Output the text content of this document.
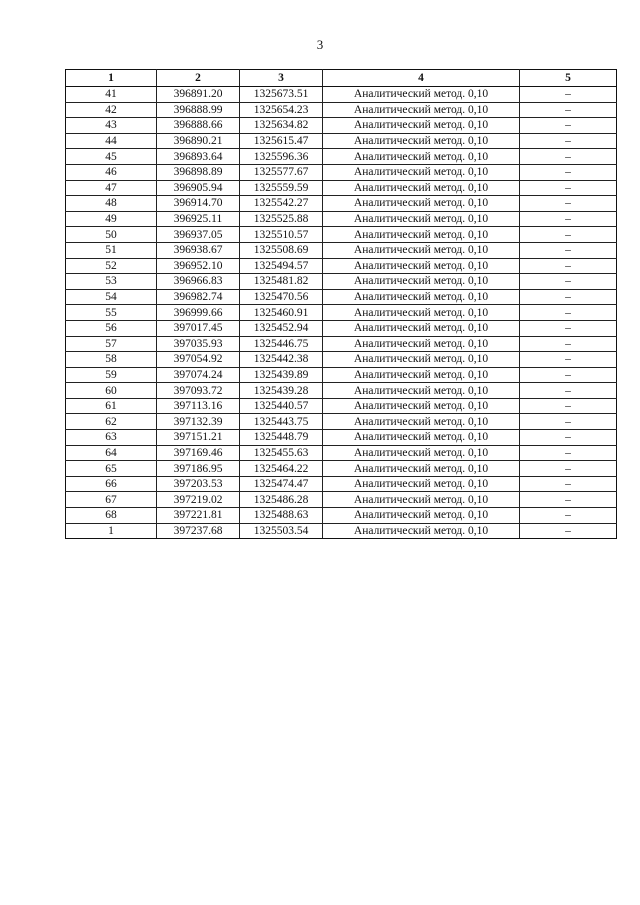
3
1	2	3	4	5
41	396891.20	1325673.51	Аналитический метод. 0,10	–
42	396888.99	1325654.23	Аналитический метод. 0,10	–
43	396888.66	1325634.82	Аналитический метод. 0,10	–
44	396890.21	1325615.47	Аналитический метод. 0,10	–
45	396893.64	1325596.36	Аналитический метод. 0,10	–
46	396898.89	1325577.67	Аналитический метод. 0,10	–
47	396905.94	1325559.59	Аналитический метод. 0,10	–
48	396914.70	1325542.27	Аналитический метод. 0,10	–
49	396925.11	1325525.88	Аналитический метод. 0,10	–
50	396937.05	1325510.57	Аналитический метод. 0,10	–
51	396938.67	1325508.69	Аналитический метод. 0,10	–
52	396952.10	1325494.57	Аналитический метод. 0,10	–
53	396966.83	1325481.82	Аналитический метод. 0,10	–
54	396982.74	1325470.56	Аналитический метод. 0,10	–
55	396999.66	1325460.91	Аналитический метод. 0,10	–
56	397017.45	1325452.94	Аналитический метод. 0,10	–
57	397035.93	1325446.75	Аналитический метод. 0,10	–
58	397054.92	1325442.38	Аналитический метод. 0,10	–
59	397074.24	1325439.89	Аналитический метод. 0,10	–
60	397093.72	1325439.28	Аналитический метод. 0,10	–
61	397113.16	1325440.57	Аналитический метод. 0,10	–
62	397132.39	1325443.75	Аналитический метод. 0,10	–
63	397151.21	1325448.79	Аналитический метод. 0,10	–
64	397169.46	1325455.63	Аналитический метод. 0,10	–
65	397186.95	1325464.22	Аналитический метод. 0,10	–
66	397203.53	1325474.47	Аналитический метод. 0,10	–
67	397219.02	1325486.28	Аналитический метод. 0,10	–
68	397221.81	1325488.63	Аналитический метод. 0,10	–
1	397237.68	1325503.54	Аналитический метод. 0,10	–
